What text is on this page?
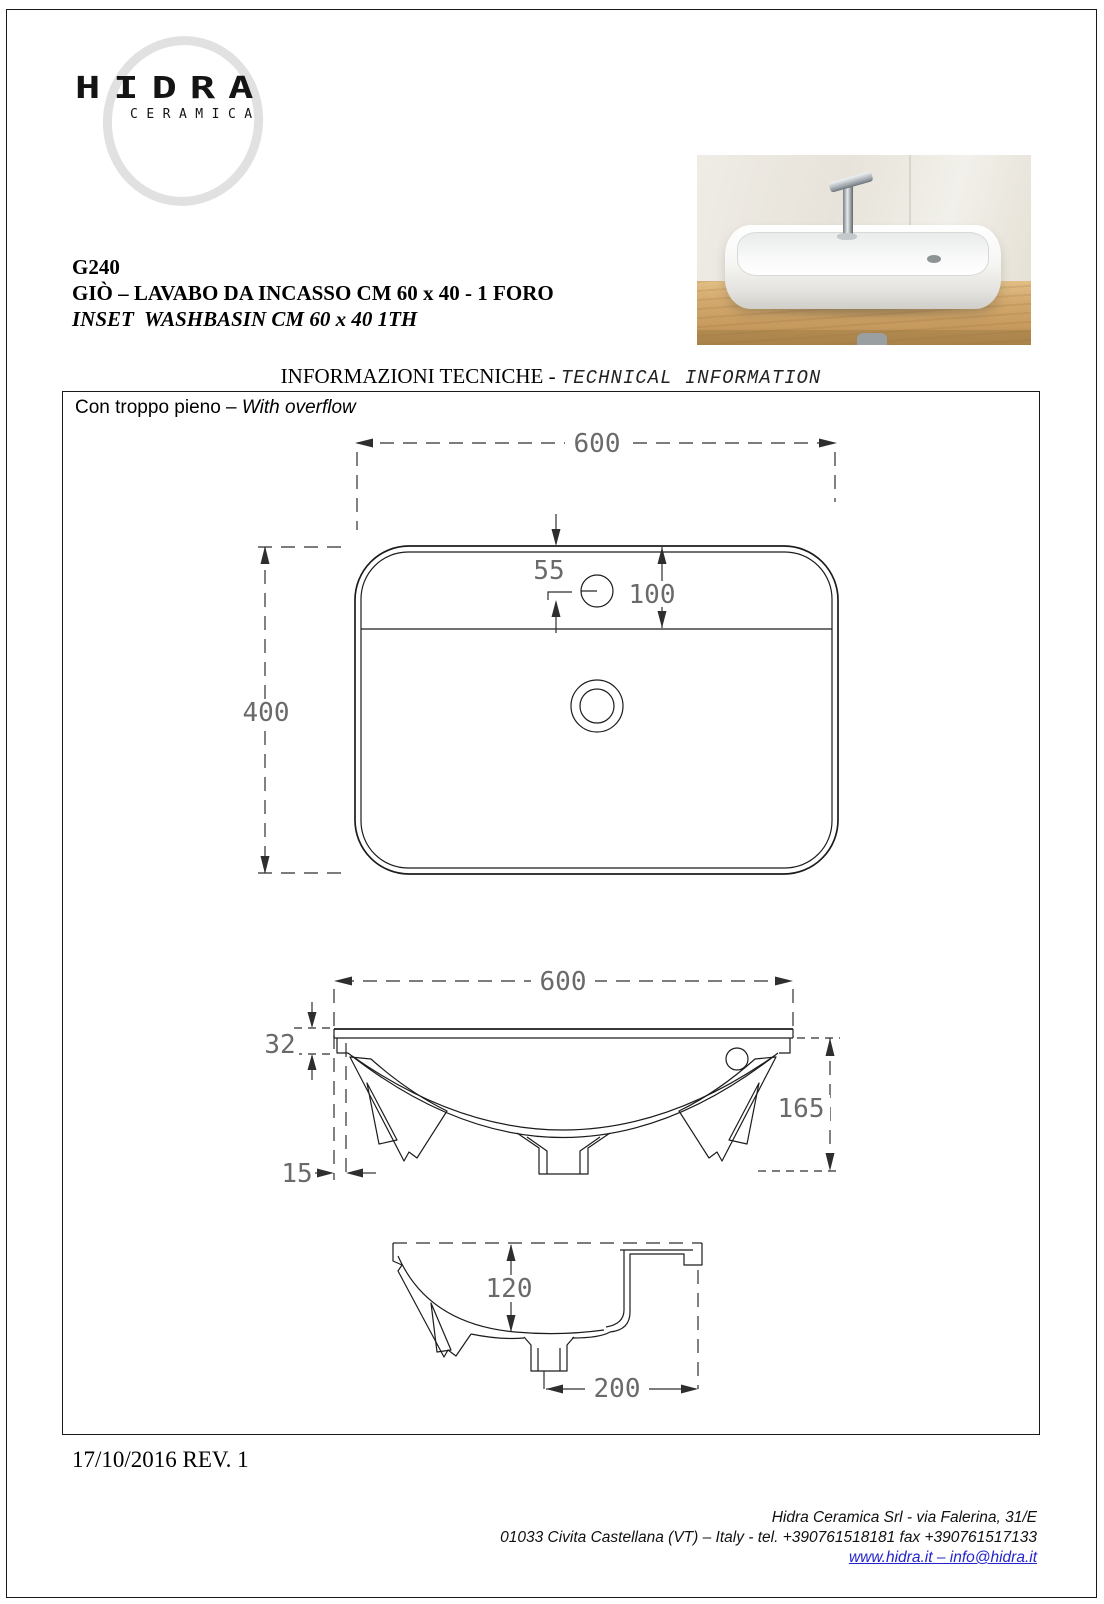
HIDRA
CERAMICA
G240
GIÒ – LAVABO DA INCASSO CM 60 x 40 - 1 FORO
INSET  WASHBASIN CM 60 x 40 1TH
INFORMAZIONI TECNICHE - TECHNICAL INFORMATION
Con troppo pieno – With overflow
600
400
55
100
600
32
165
15
120
200
17/10/2016 REV. 1
Hidra Ceramica Srl - via Falerina, 31/E
01033 Civita Castellana (VT) – Italy - tel. +390761518181 fax +390761517133
www.hidra.it – info@hidra.it
